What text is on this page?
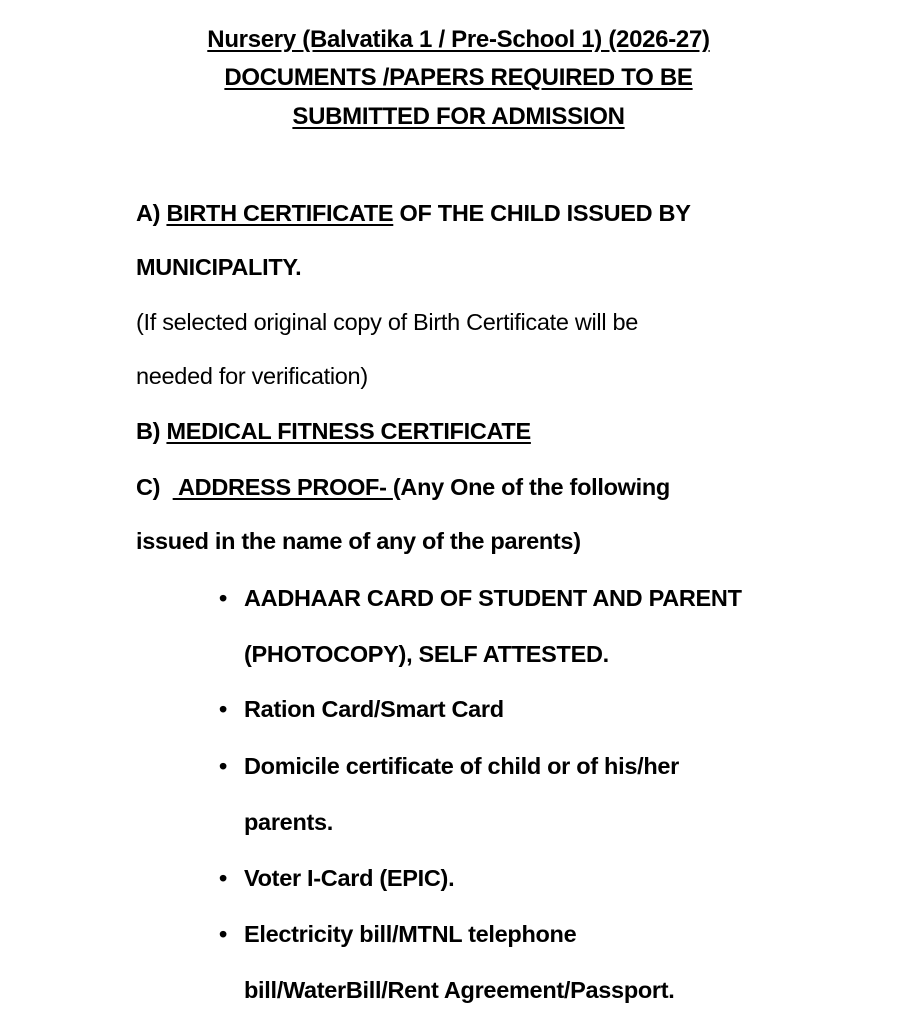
Nursery (Balvatika 1 / Pre-School 1) (2026-27)
DOCUMENTS /PAPERS REQUIRED TO BE
SUBMITTED FOR ADMISSION
A) BIRTH CERTIFICATE OF THE CHILD ISSUED BY
MUNICIPALITY.
(If selected original copy of Birth Certificate will be
needed for verification)
B) MEDICAL FITNESS CERTIFICATE
C)   ADDRESS PROOF- (Any One of the following
issued in the name of any of the parents)
• AADHAAR CARD OF STUDENT AND PARENT
(PHOTOCOPY), SELF ATTESTED.
• Ration Card/Smart Card
• Domicile certificate of child or of his/her
parents.
• Voter I-Card (EPIC).
• Electricity bill/MTNL telephone
bill/WaterBill/Rent Agreement/Passport.
